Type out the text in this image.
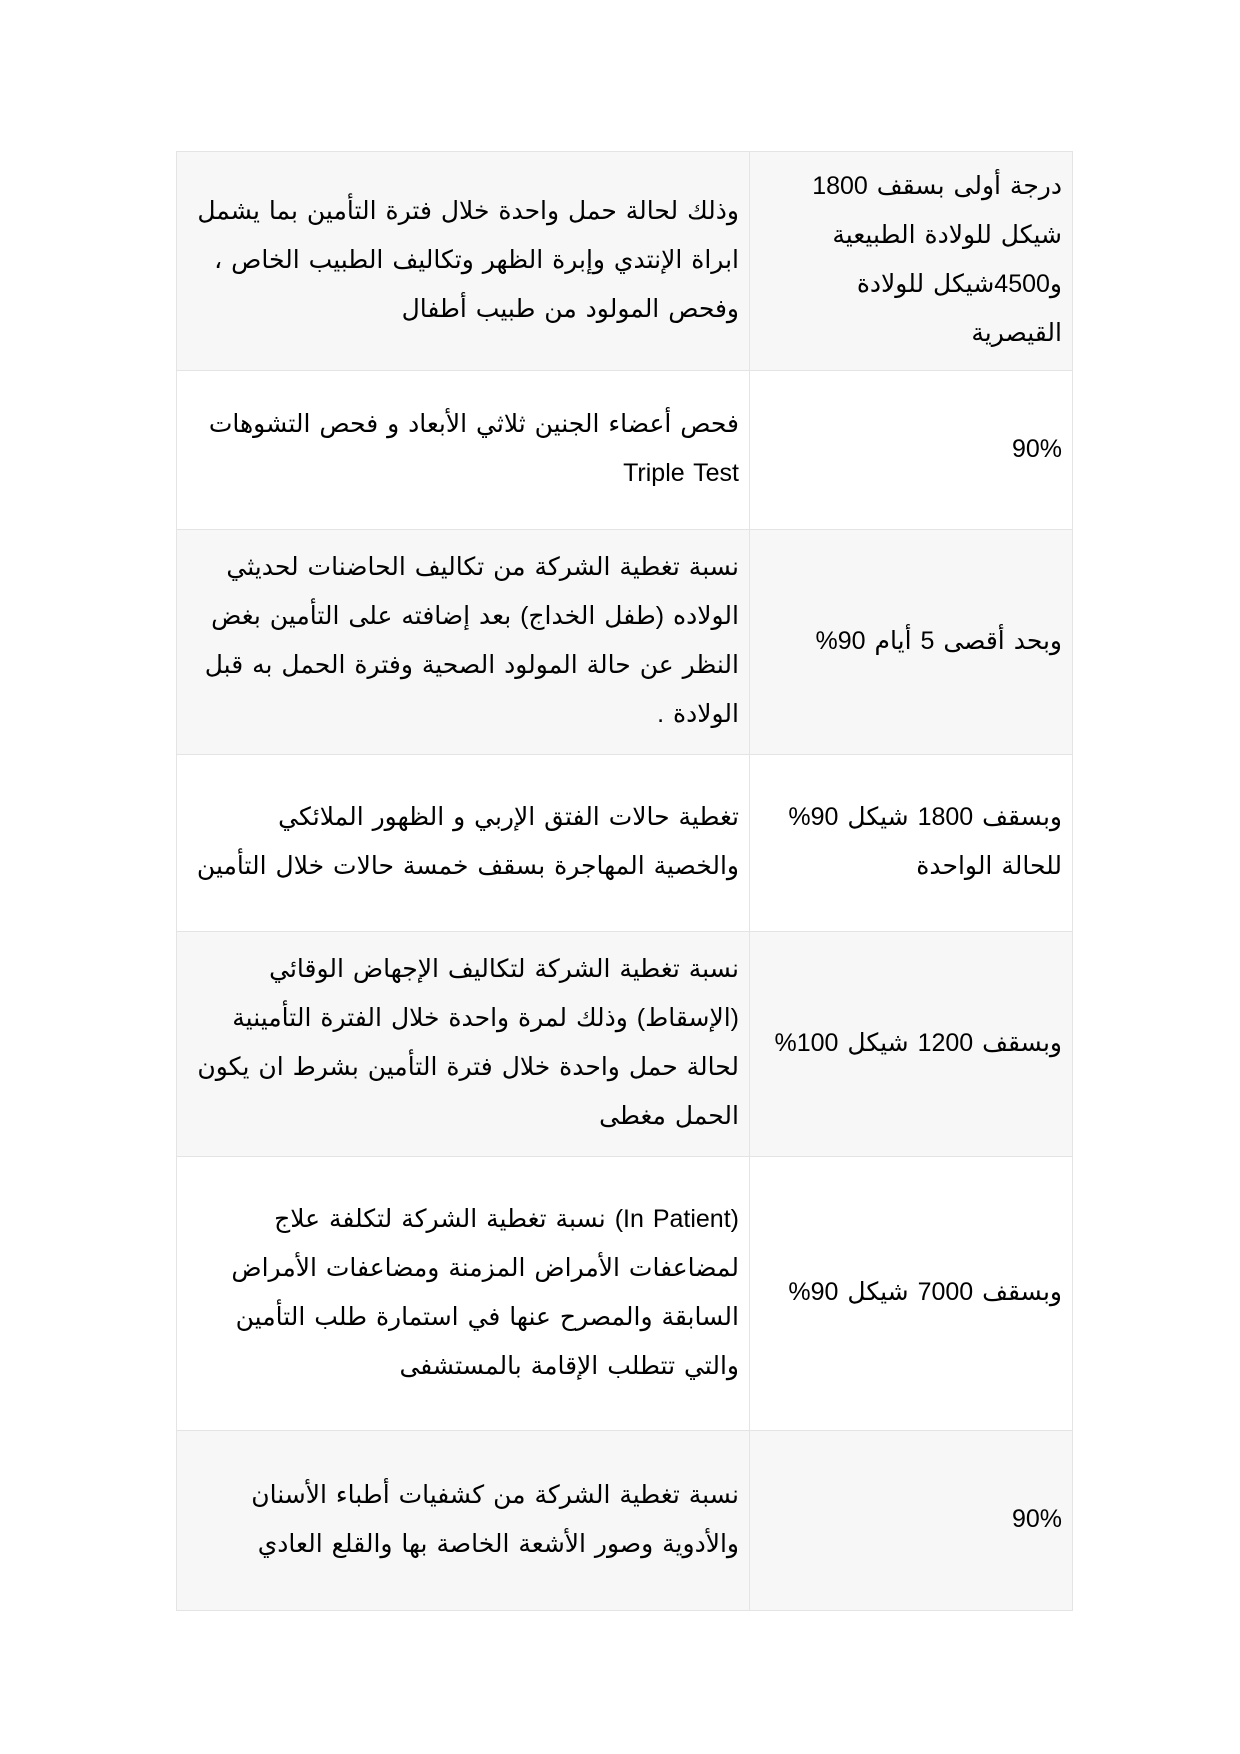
درجة أولى بسقف 1800 شيكل للولادة الطبيعية و4500شيكل للولادة القيصرية	وذلك لحالة حمل واحدة خلال فترة التأمين بما يشمل ابراة الإنتدي وإبرة الظهر وتكاليف الطبيب الخاص ، وفحص المولود من طبيب أطفال
90%	فحص أعضاء الجنين ثلاثي الأبعاد و فحص التشوهات Triple Test
وبحد أقصى 5 أيام 90%	نسبة تغطية الشركة من تكاليف الحاضنات لحديثي الولاده (طفل الخداج) بعد إضافته على التأمين بغض النظر عن حالة المولود الصحية وفترة الحمل به قبل الولادة .
وبسقف 1800 شيكل 90% للحالة الواحدة	تغطية حالات الفتق الإربي و الظهور الملائكي والخصية المهاجرة بسقف خمسة حالات خلال التأمين
وبسقف 1200 شيكل 100%	نسبة تغطية الشركة لتكاليف الإجهاض الوقائي (الإسقاط) وذلك لمرة واحدة خلال الفترة التأمينية لحالة حمل واحدة خلال فترة التأمين بشرط ان يكون الحمل مغطى
وبسقف 7000 شيكل 90%	(In Patient) نسبة تغطية الشركة لتكلفة علاج لمضاعفات الأمراض المزمنة ومضاعفات الأمراض السابقة والمصرح عنها في استمارة طلب التأمين والتي تتطلب الإقامة بالمستشفى
90%	نسبة تغطية الشركة من كشفيات أطباء الأسنان والأدوية وصور الأشعة الخاصة بها والقلع العادي
